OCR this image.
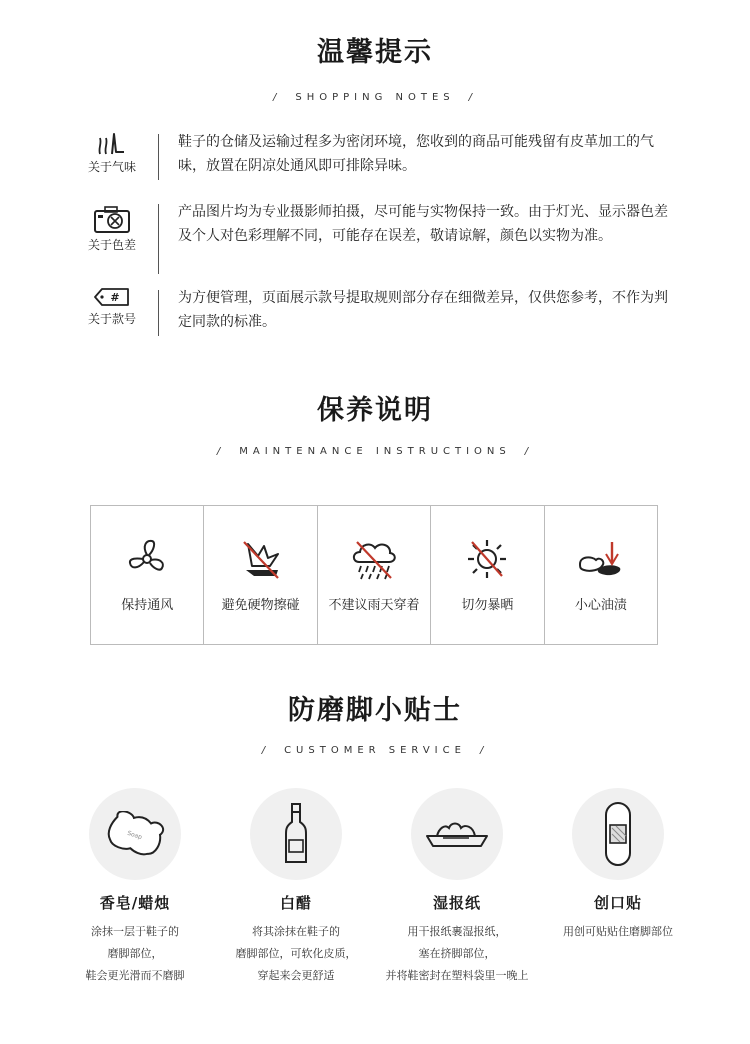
温馨提示
/ SHOPPING NOTES /
关于气味
鞋子的仓储及运输过程多为密闭环境，您收到的商品可能残留有皮革加工的气味，放置在阴凉处通风即可排除异味。
关于色差
产品图片均为专业摄影师拍摄，尽可能与实物保持一致。由于灯光、显示器色差及个人对色彩理解不同，可能存在误差，敬请谅解，颜色以实物为准。
#
关于款号
为方便管理，页面展示款号提取规则部分存在细微差异，仅供您参考，不作为判定同款的标准。
保养说明
/ MAINTENANCE INSTRUCTIONS /
保持通风	避免硬物擦碰	不建议雨天穿着	切勿暴晒	小心油渍
防磨脚小贴士
/ CUSTOMER SERVICE /
Soap
香皂/蜡烛
涂抹一层于鞋子的
磨脚部位，
鞋会更光滑而不磨脚
白醋
将其涂抹在鞋子的
磨脚部位，可软化皮质，
穿起来会更舒适
湿报纸
用干报纸裹湿报纸，
塞在挤脚部位，
并将鞋密封在塑料袋里一晚上
创口贴
用创可贴贴住磨脚部位
